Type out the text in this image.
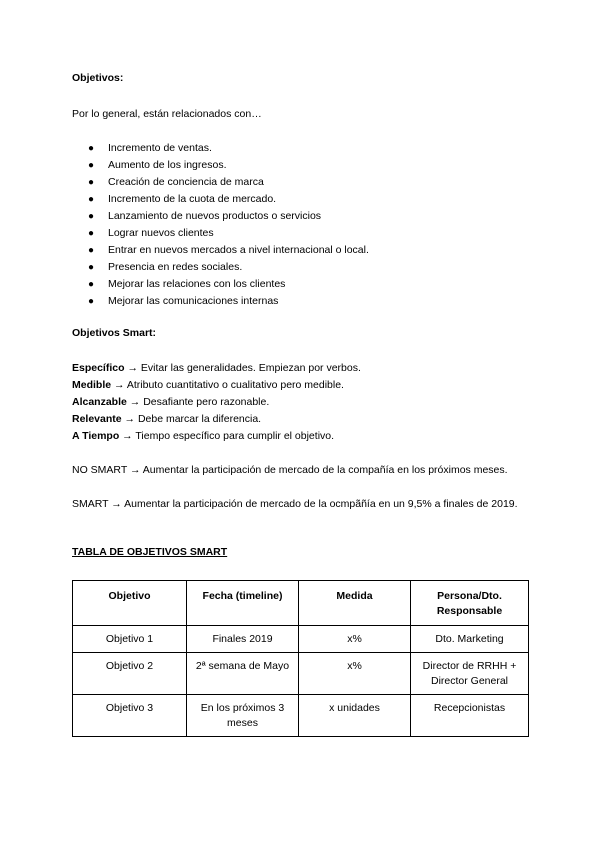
Objetivos:
Por lo general, están relacionados con…
● Incremento de ventas.
● Aumento de los ingresos.
● Creación de conciencia de marca
● Incremento de la cuota de mercado.
● Lanzamiento de nuevos productos o servicios
● Lograr nuevos clientes
● Entrar en nuevos mercados a nivel internacional o local.
● Presencia en redes sociales.
● Mejorar las relaciones con los clientes
● Mejorar las comunicaciones internas
Objetivos Smart:
Específico → Evitar las generalidades. Empiezan por verbos.
Medible → Atributo cuantitativo o cualitativo pero medible.
Alcanzable → Desafiante pero razonable.
Relevante → Debe marcar la diferencia.
A Tiempo → Tiempo específico para cumplir el objetivo.
NO SMART → Aumentar la participación de mercado de la compañía en los próximos meses.
SMART → Aumentar la participación de mercado de la ocmpãñía en un 9,5% a finales de 2019.
TABLA DE OBJETIVOS SMART
Objetivo	Fecha (timeline)	Medida	Persona/Dto. Responsable
Objetivo 1	Finales 2019	x%	Dto. Marketing
Objetivo 2	2ª semana de Mayo	x%	Director de RRHH + Director General
Objetivo 3	En los próximos 3 meses	x unidades	Recepcionistas
